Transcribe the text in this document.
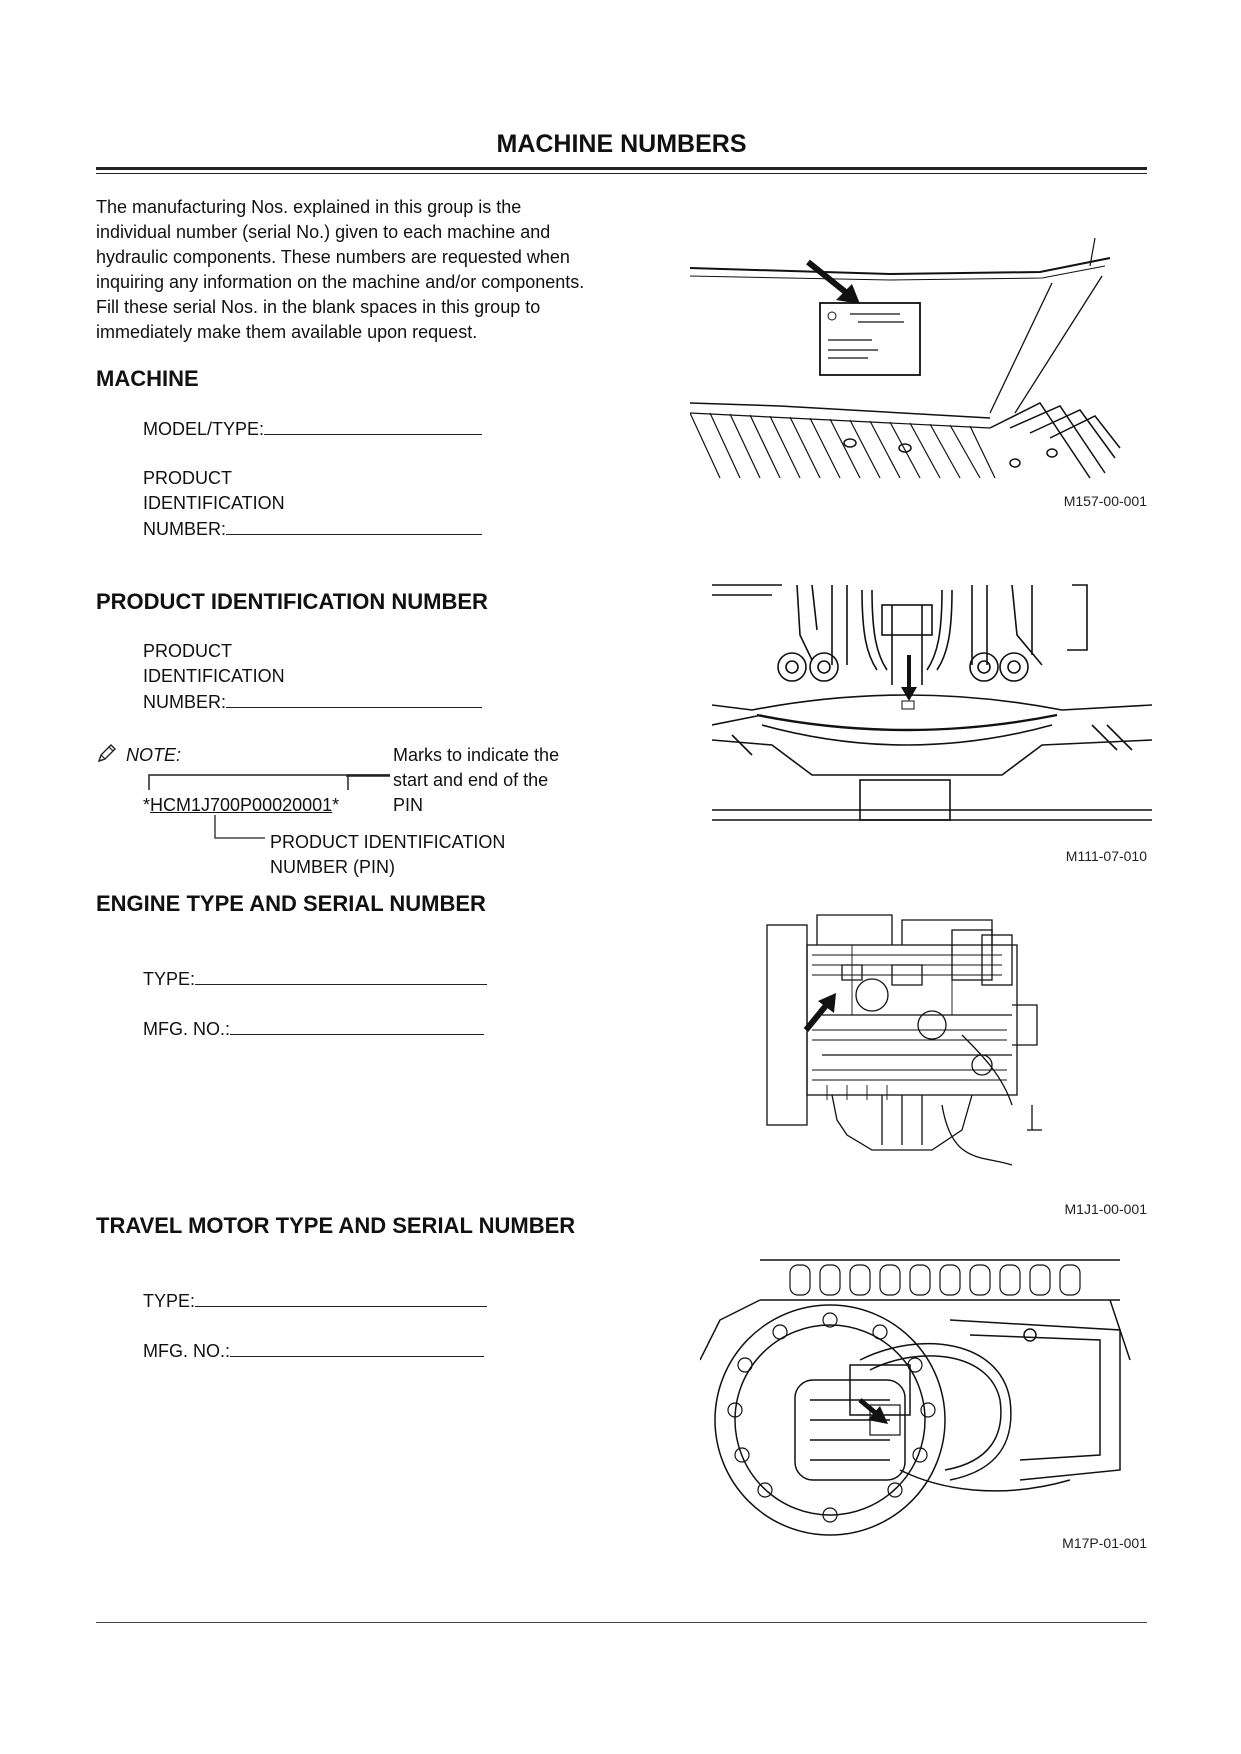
MACHINE NUMBERS
The manufacturing Nos. explained in this group is the
individual number (serial No.) given to each machine and
hydraulic components. These numbers are requested when
inquiring any information on the machine and/or components.
Fill these serial Nos. in the blank spaces in this group to
immediately make them available upon request.
MACHINE
MODEL/TYPE:
PRODUCT
IDENTIFICATION
NUMBER:
PRODUCT IDENTIFICATION NUMBER
PRODUCT
IDENTIFICATION
NUMBER:
NOTE:
*HCM1J700P00020001*
Marks to indicate the
start and end of the
PIN
PRODUCT IDENTIFICATION
NUMBER (PIN)
ENGINE TYPE AND SERIAL NUMBER
TYPE:
MFG. NO.:
TRAVEL MOTOR TYPE AND SERIAL NUMBER
TYPE:
MFG. NO.:
M157-00-001
M111-07-010
M1J1-00-001
M17P-01-001
